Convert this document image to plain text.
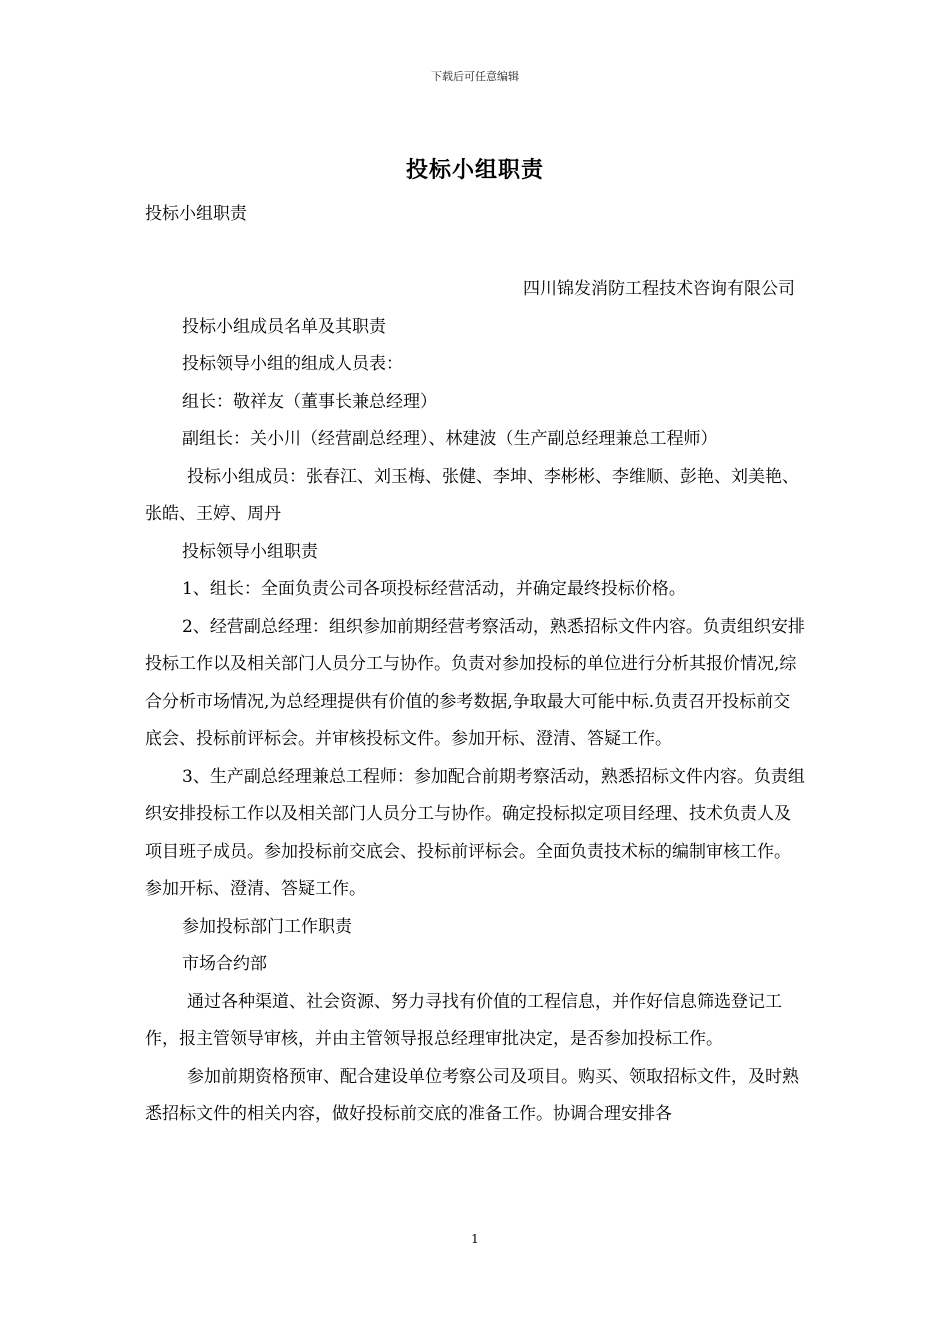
下载后可任意编辑
投标小组职责

投标小组职责

四川锦发消防工程技术咨询有限公司

投标小组成员名单及其职责

投标领导小组的组成人员表：

组长：敬祥友（董事长兼总经理）

副组长：关小川（经营副总经理）、林建波（生产副总经理兼总工程师）

投标小组成员：张春江、刘玉梅、张健、李坤、李彬彬、李维顺、彭艳、刘美艳、张皓、王婷、周丹

投标领导小组职责

1、组长：全面负责公司各项投标经营活动，并确定最终投标价格。

2、经营副总经理：组织参加前期经营考察活动，熟悉招标文件内容。负责组织安排投标工作以及相关部门人员分工与协作。负责对参加投标的单位进行分析其报价情况,综合分析市场情况,为总经理提供有价值的参考数据,争取最大可能中标.负责召开投标前交底会、投标前评标会。并审核投标文件。参加开标、澄清、答疑工作。

3、生产副总经理兼总工程师：参加配合前期考察活动，熟悉招标文件内容。负责组织安排投标工作以及相关部门人员分工与协作。确定投标拟定项目经理、技术负责人及项目班子成员。参加投标前交底会、投标前评标会。全面负责技术标的编制审核工作。参加开标、澄清、答疑工作。

参加投标部门工作职责

市场合约部

通过各种渠道、社会资源、努力寻找有价值的工程信息，并作好信息筛选登记工作，报主管领导审核，并由主管领导报总经理审批决定，是否参加投标工作。

参加前期资格预审、配合建设单位考察公司及项目。购买、领取招标文件，及时熟悉招标文件的相关内容，做好投标前交底的准备工作。协调合理安排各

1
